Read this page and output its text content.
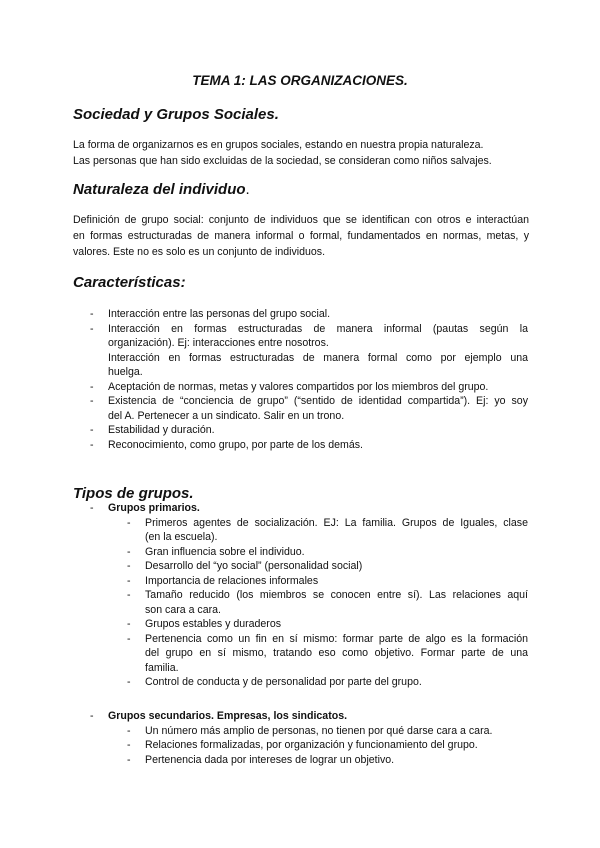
TEMA 1: LAS ORGANIZACIONES.
Sociedad y Grupos Sociales.
La forma de organizarnos es en grupos sociales, estando en nuestra propia naturaleza.
Las personas que han sido excluidas de la sociedad, se consideran como niños salvajes.
Naturaleza del individuo.
Definición de grupo social: conjunto de individuos que se identifican con otros e interactúan
en formas estructuradas de manera informal o formal, fundamentados en normas, metas, y
valores. Este no es solo es un conjunto de individuos.
Características:
-	Interacción entre las personas del grupo social.
-	Interacción en formas estructuradas de manera informal (pautas según la
organización). Ej: interacciones entre nosotros.
Interacción en formas estructuradas de manera formal como por ejemplo una
huelga.
-	Aceptación de normas, metas y valores compartidos por los miembros del grupo.
-	Existencia de “conciencia de grupo” (“sentido de identidad compartida”). Ej: yo soy
del A. Pertenecer a un sindicato. Salir en un trono.
-	Estabilidad y duración.
-	Reconocimiento, como grupo, por parte de los demás.
Tipos de grupos.
-	Grupos primarios.
-	Primeros agentes de socialización. EJ: La familia. Grupos de Iguales, clase
(en la escuela).
-	Gran influencia sobre el individuo.
-	Desarrollo del “yo social” (personalidad social)
-	Importancia de relaciones informales
-	Tamaño reducido (los miembros se conocen entre sí). Las relaciones aquí
son cara a cara.
-	Grupos estables y duraderos
-	Pertenencia como un fin en sí mismo: formar parte de algo es la formación
del grupo en sí mismo, tratando eso como objetivo. Formar parte de una
familia.
-	Control de conducta y de personalidad por parte del grupo.
-	Grupos secundarios. Empresas, los sindicatos.
-	Un número más amplio de personas, no tienen por qué darse cara a cara.
-	Relaciones formalizadas, por organización y funcionamiento del grupo.
-	Pertenencia dada por intereses de lograr un objetivo.
